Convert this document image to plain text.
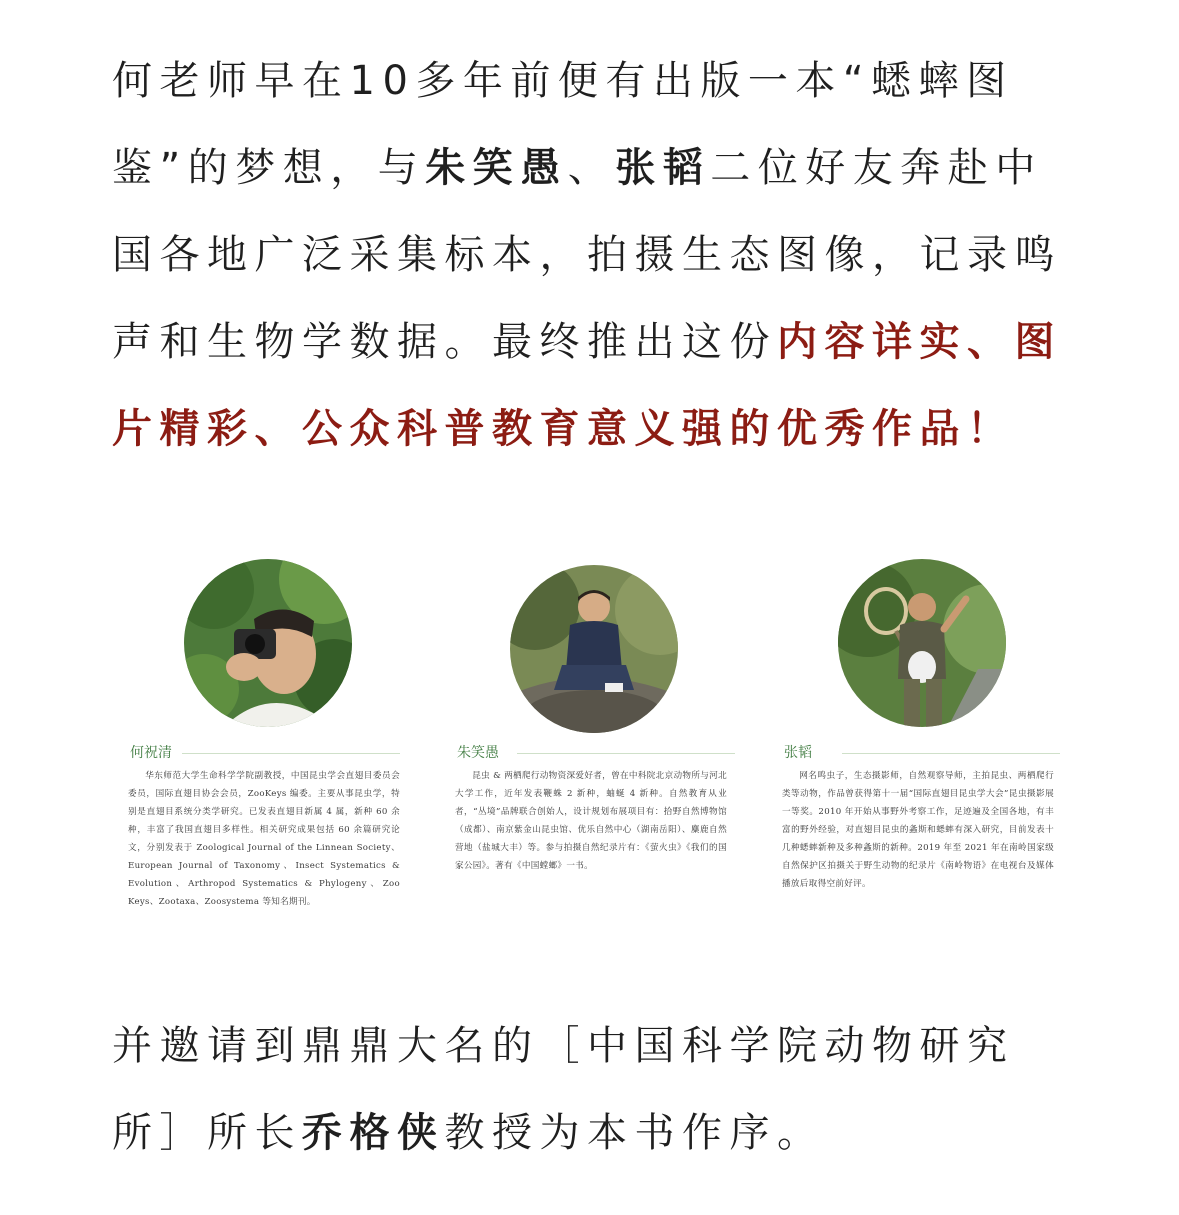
何老师早在10多年前便有出版一本“蟋蟀图鉴”的梦想，与朱笑愚、张韬二位好友奔赴中国各地广泛采集标本，拍摄生态图像，记录鸣声和生物学数据。最终推出这份内容详实、图片精彩、公众科普教育意义强的优秀作品！
何祝清
华东师范大学生命科学学院副教授，中国昆虫学会直翅目委员会委员，国际直翅目协会会员，ZooKeys 编委。主要从事昆虫学，特别是直翅目系统分类学研究。已发表直翅目新属 4 属，新种 60 余种，丰富了我国直翅目多样性。相关研究成果包括 60 余篇研究论文，分别发表于 Zoological Journal of the Linnean Society、European Journal of Taxonomy、Insect Systematics & Evolution、Arthropod Systematics & Phylogeny、Zoo Keys、Zootaxa、Zoosystema 等知名期刊。
朱笑愚
昆虫 & 两栖爬行动物资深爱好者，曾在中科院北京动物所与河北大学工作，近年发表鞭蛛 2 新种，蚰蜒 4 新种。自然教育从业者，“丛境”品牌联合创始人，设计规划布展项目有：拾野自然博物馆（成都）、南京紫金山昆虫馆、优乐自然中心（湖南岳阳）、麋鹿自然营地（盐城大丰）等。参与拍摄自然纪录片有：《萤火虫》《我们的国家公园》。著有《中国螳螂》一书。
张韬
网名鸣虫子，生态摄影师，自然观察导师，主拍昆虫、两栖爬行类等动物，作品曾获得第十一届“国际直翅目昆虫学大会”昆虫摄影展一等奖。2010 年开始从事野外考察工作，足迹遍及全国各地，有丰富的野外经验，对直翅目昆虫的螽斯和蟋蟀有深入研究，目前发表十几种蟋蟀新种及多种螽斯的新种。2019 年至 2021 年在南岭国家级自然保护区拍摄关于野生动物的纪录片《南岭物语》在电视台及媒体播放后取得空前好评。
并邀请到鼎鼎大名的［中国科学院动物研究所］所长乔格侠教授为本书作序。
